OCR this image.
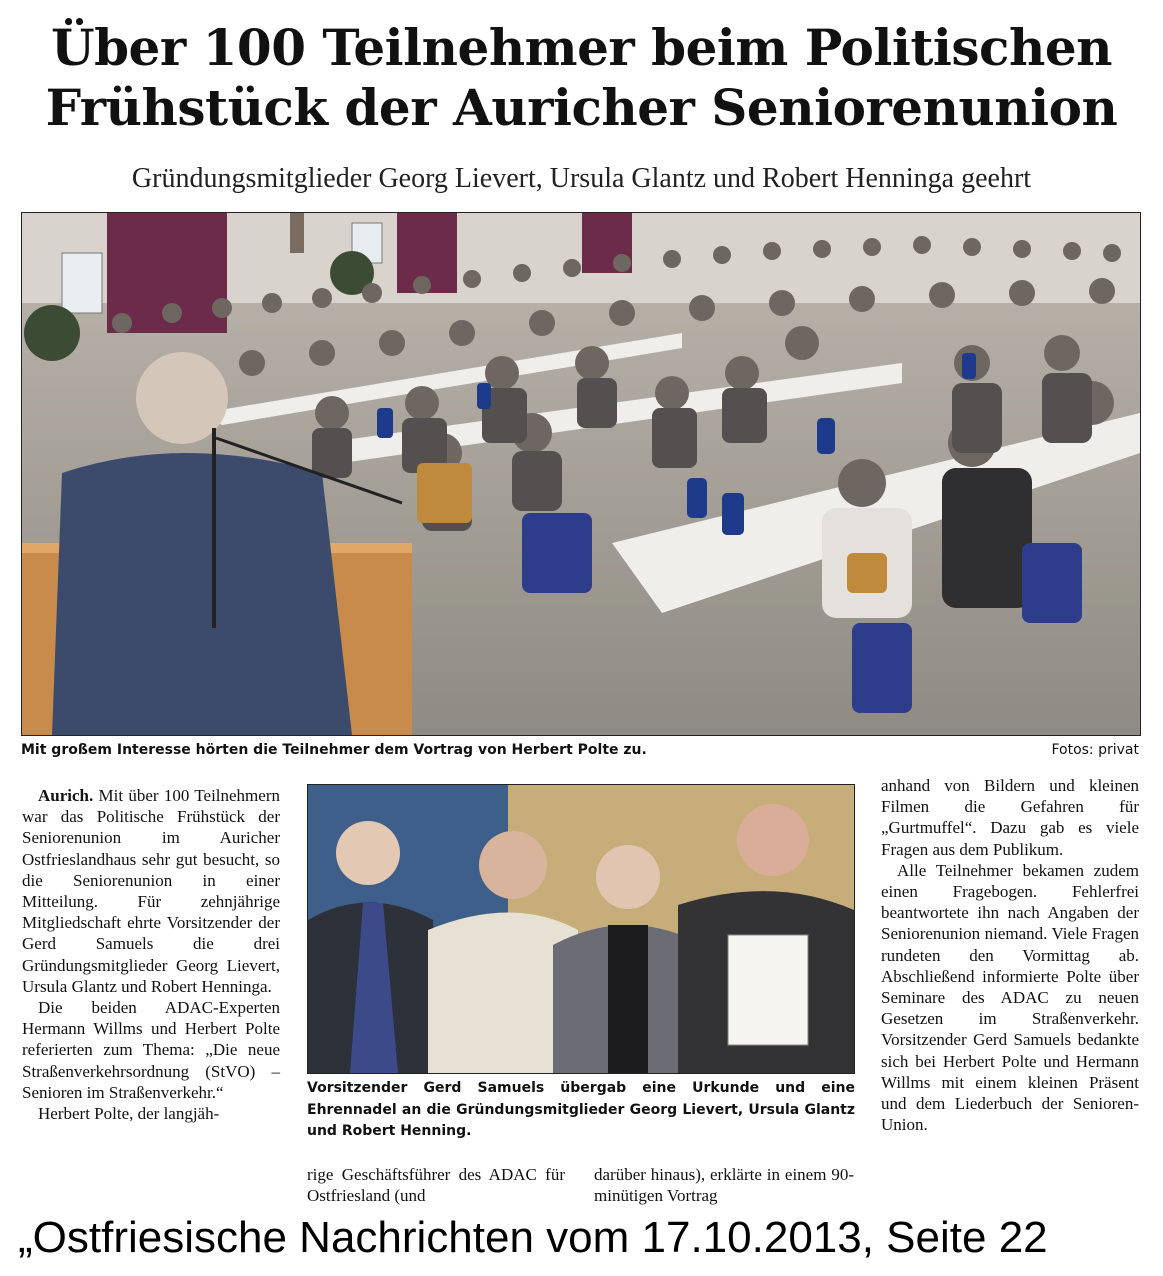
Über 100 Teilnehmer beim Politischen
Frühstück der Auricher Seniorenunion

Gründungsmitglieder Georg Lievert, Ursula Glantz und Robert Henninga geehrt

Mit großem Interesse hörten die Teilnehmer dem Vortrag von Herbert Polte zu.	Fotos: privat

Aurich. Mit über 100 Teilnehmern war das Politische Frühstück der Seniorenunion im Auricher Ostfrieslandhaus sehr gut besucht, so die Seniorenunion in einer Mitteilung. Für zehnjährige Mitgliedschaft ehrte Vorsitzender der Gerd Samuels die drei Gründungsmitglieder Georg Lievert, Ursula Glantz und Robert Henninga.

Die beiden ADAC-Experten Hermann Willms und Herbert Polte referierten zum Thema: „Die neue Straßenverkehrsordnung (StVO) – Senioren im Straßenverkehr.“

Herbert Polte, der langjäh-

Vorsitzender Gerd Samuels übergab eine Urkunde und eine Ehrennadel an die Gründungsmitglieder Georg Lievert, Ursula Glantz und Robert Henning.

rige Geschäftsführer des ADAC für Ostfriesland (und

darüber hinaus), erklärte in einem 90-minütigen Vortrag

anhand von Bildern und kleinen Filmen die Gefahren für „Gurtmuffel“. Dazu gab es viele Fragen aus dem Publikum.

Alle Teilnehmer bekamen zudem einen Fragebogen. Fehlerfrei beantwortete ihn nach Angaben der Seniorenunion niemand. Viele Fragen rundeten den Vormittag ab. Abschließend informierte Polte über Seminare des ADAC zu neuen Gesetzen im Straßenverkehr. Vorsitzender Gerd Samuels bedankte sich bei Herbert Polte und Hermann Willms mit einem kleinen Präsent und dem Liederbuch der Senioren-Union.

„Ostfriesische Nachrichten vom 17.10.2013, Seite 22
